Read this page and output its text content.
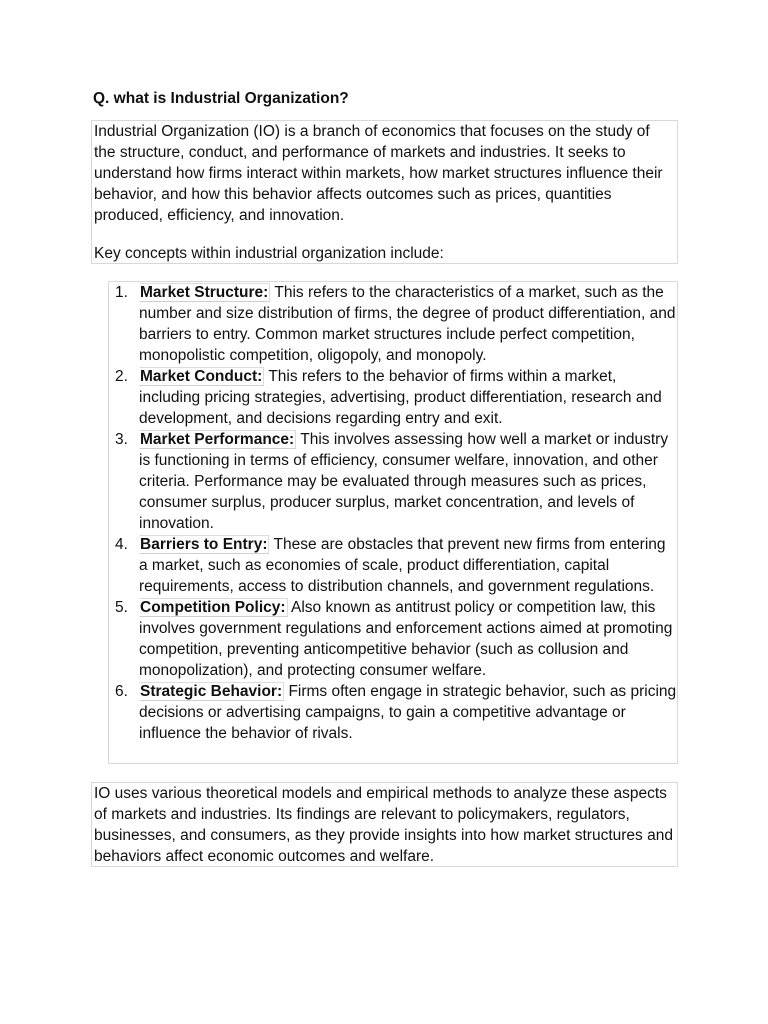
Q. what is Industrial Organization?

Industrial Organization (IO) is a branch of economics that focuses on the study of the structure, conduct, and performance of markets and industries. It seeks to understand how firms interact within markets, how market structures influence their behavior, and how this behavior affects outcomes such as prices, quantities produced, efficiency, and innovation.

Key concepts within industrial organization include:

1. Market Structure: This refers to the characteristics of a market, such as the number and size distribution of firms, the degree of product differentiation, and barriers to entry. Common market structures include perfect competition, monopolistic competition, oligopoly, and monopoly.
2. Market Conduct: This refers to the behavior of firms within a market, including pricing strategies, advertising, product differentiation, research and development, and decisions regarding entry and exit.
3. Market Performance: This involves assessing how well a market or industry is functioning in terms of efficiency, consumer welfare, innovation, and other criteria. Performance may be evaluated through measures such as prices, consumer surplus, producer surplus, market concentration, and levels of innovation.
4. Barriers to Entry: These are obstacles that prevent new firms from entering a market, such as economies of scale, product differentiation, capital requirements, access to distribution channels, and government regulations.
5. Competition Policy: Also known as antitrust policy or competition law, this involves government regulations and enforcement actions aimed at promoting competition, preventing anticompetitive behavior (such as collusion and monopolization), and protecting consumer welfare.
6. Strategic Behavior: Firms often engage in strategic behavior, such as pricing decisions or advertising campaigns, to gain a competitive advantage or influence the behavior of rivals.

IO uses various theoretical models and empirical methods to analyze these aspects of markets and industries. Its findings are relevant to policymakers, regulators, businesses, and consumers, as they provide insights into how market structures and behaviors affect economic outcomes and welfare.
